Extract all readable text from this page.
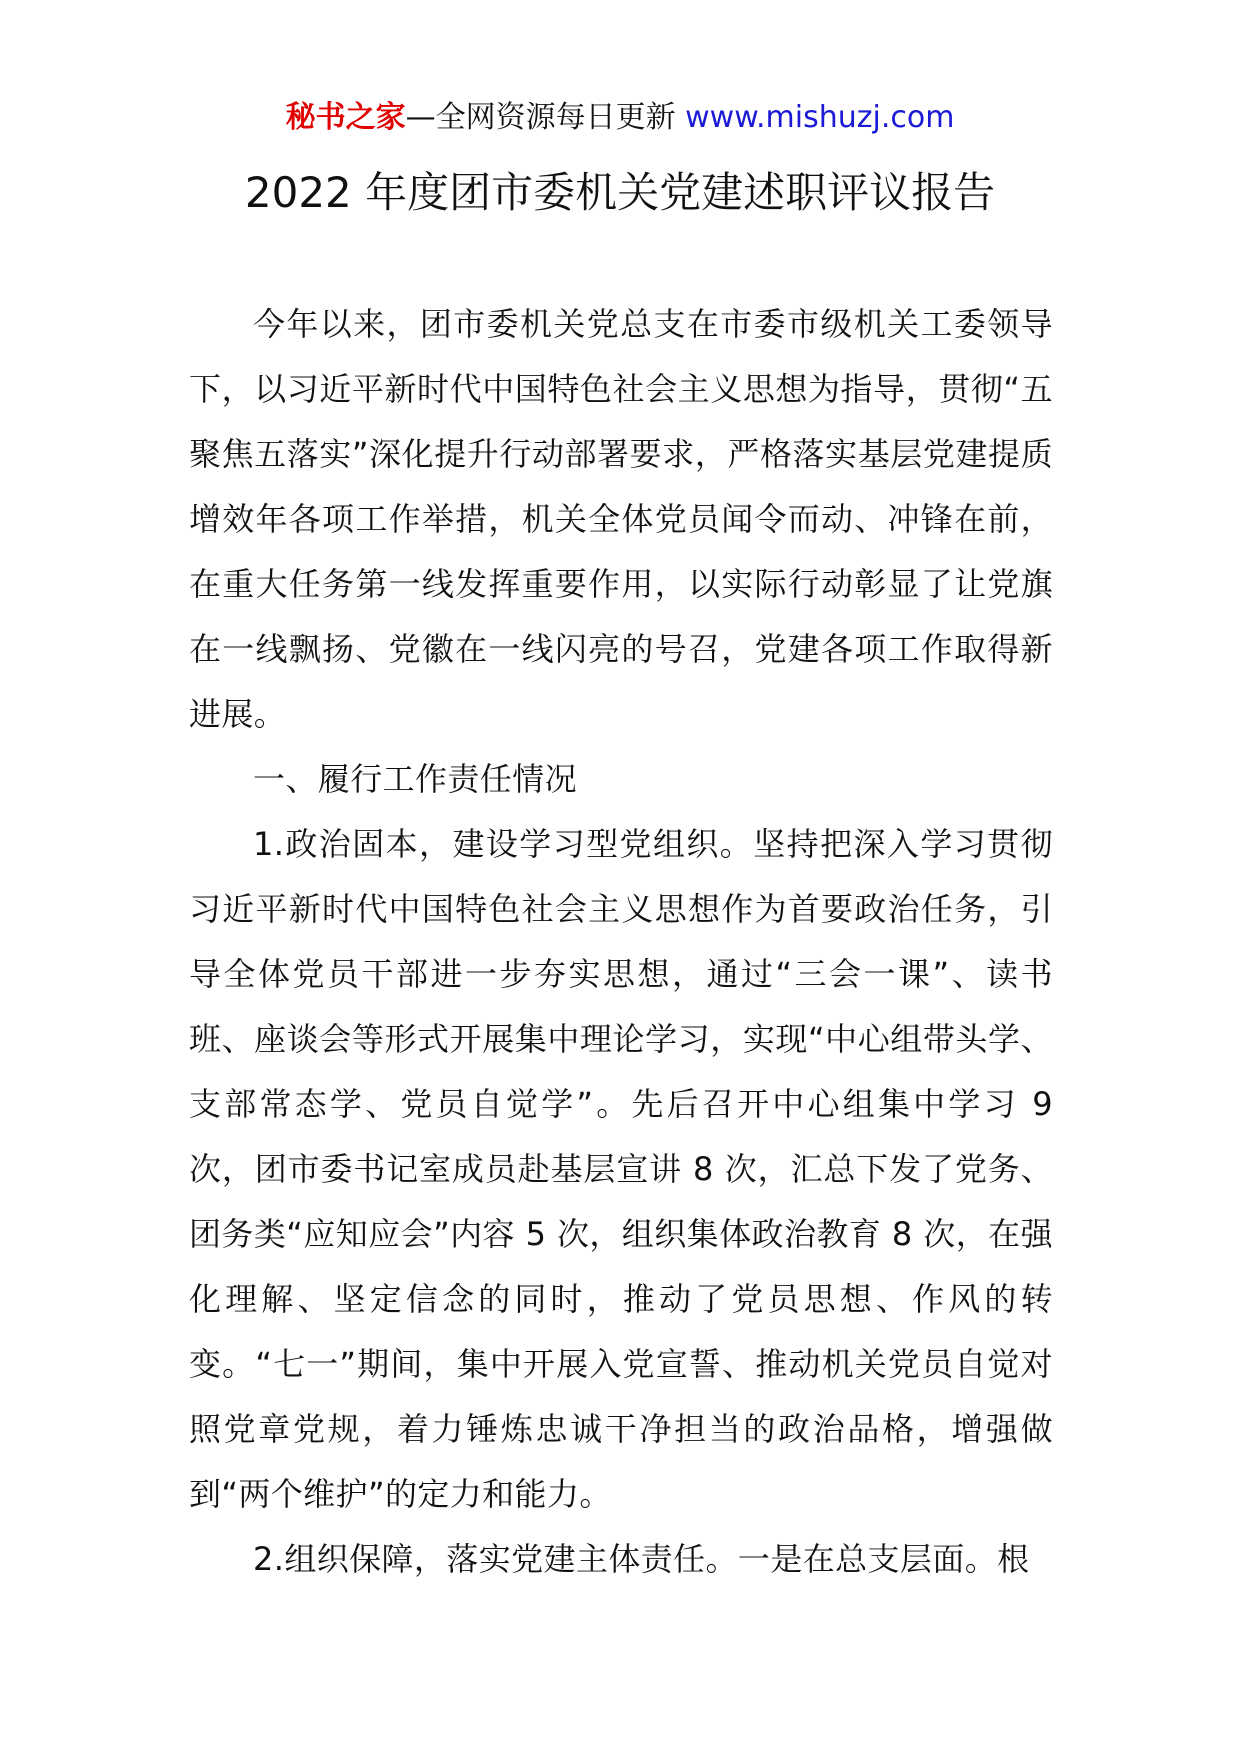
秘书之家—全网资源每日更新 www.mishuzj.com
2022 年度团市委机关党建述职评议报告

今年以来，团市委机关党总支在市委市级机关工委领导下，以习近平新时代中国特色社会主义思想为指导，贯彻“五聚焦五落实”深化提升行动部署要求，严格落实基层党建提质增效年各项工作举措，机关全体党员闻令而动、冲锋在前，在重大任务第一线发挥重要作用，以实际行动彰显了让党旗在一线飘扬、党徽在一线闪亮的号召，党建各项工作取得新进展。

一、履行工作责任情况

1.政治固本，建设学习型党组织。坚持把深入学习贯彻习近平新时代中国特色社会主义思想作为首要政治任务，引导全体党员干部进一步夯实思想，通过“三会一课”、读书班、座谈会等形式开展集中理论学习，实现“中心组带头学、支部常态学、党员自觉学”。先后召开中心组集中学习 9 次，团市委书记室成员赴基层宣讲 8 次，汇总下发了党务、团务类“应知应会”内容 5 次，组织集体政治教育 8 次，在强化理解、坚定信念的同时，推动了党员思想、作风的转变。“七一”期间，集中开展入党宣誓、推动机关党员自觉对照党章党规，着力锤炼忠诚干净担当的政治品格，增强做到“两个维护”的定力和能力。

2.组织保障，落实党建主体责任。一是在总支层面。根
